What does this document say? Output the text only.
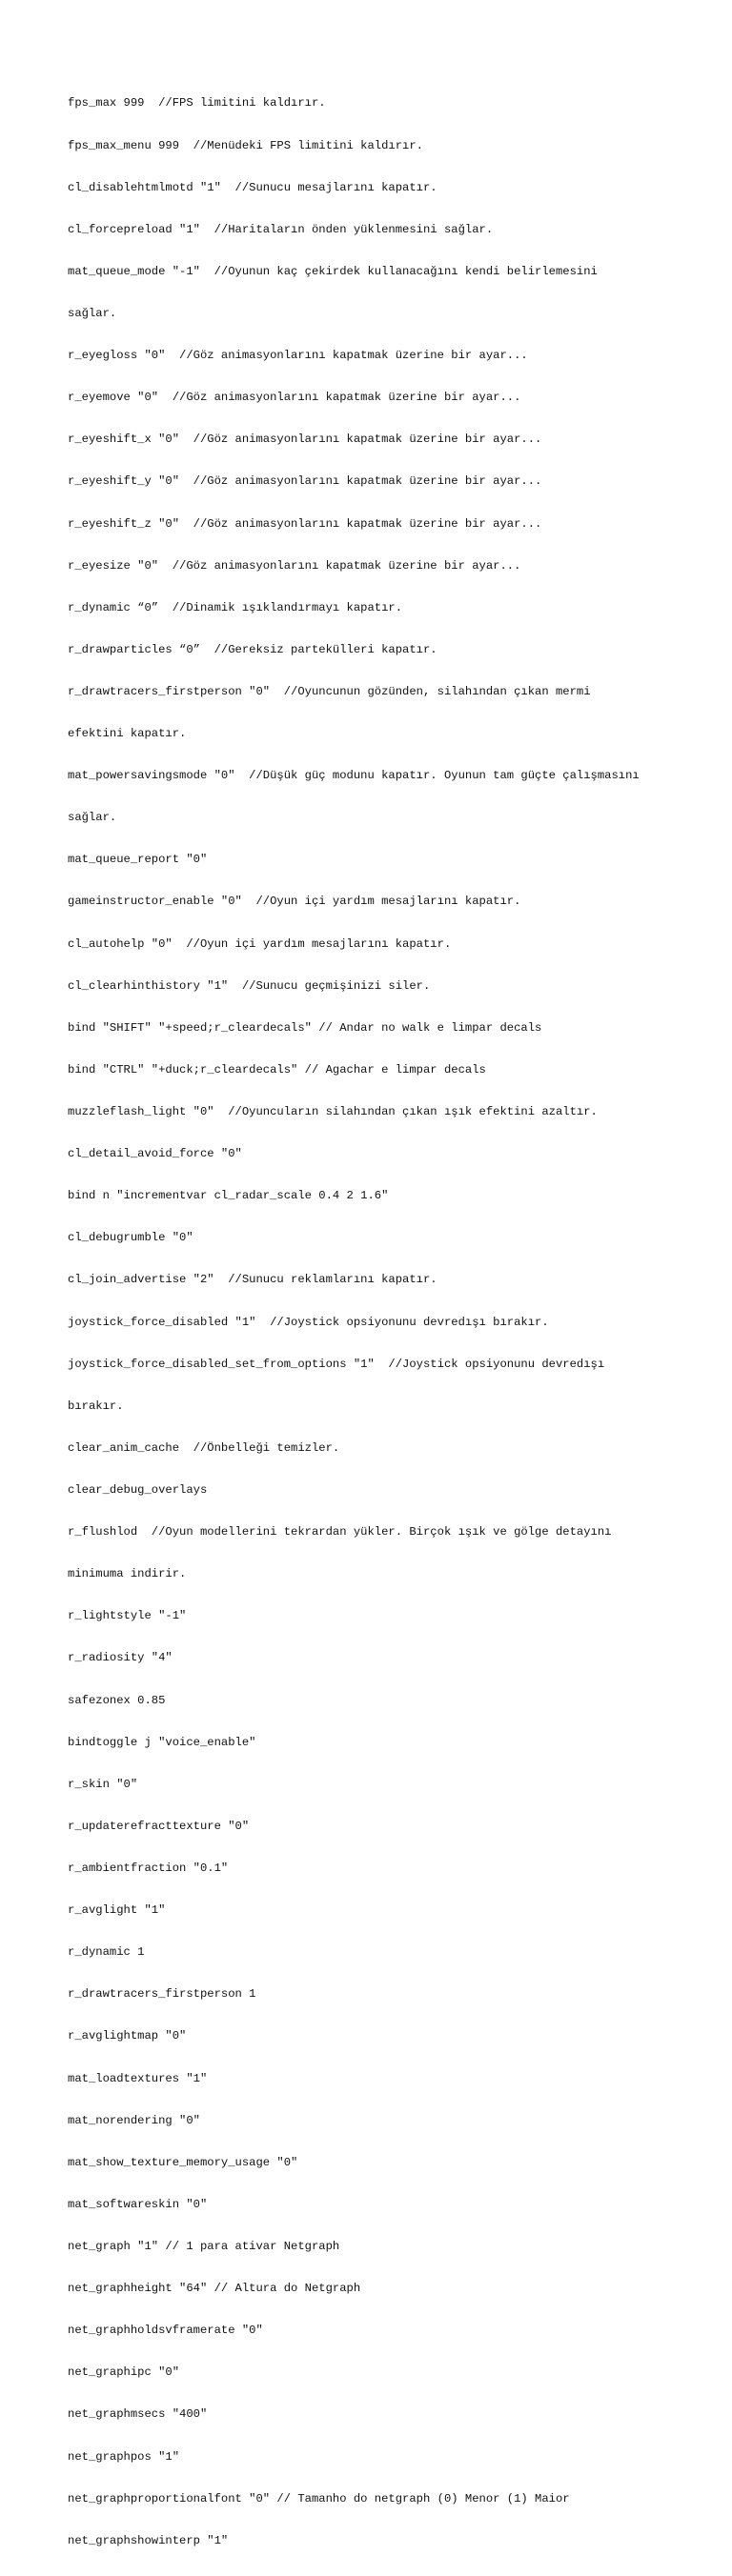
fps_max 999  //FPS limitini kaldırır.

fps_max_menu 999  //Menüdeki FPS limitini kaldırır.

cl_disablehtmlmotd "1"  //Sunucu mesajlarını kapatır.

cl_forcepreload "1"  //Haritaların önden yüklenmesini sağlar.

mat_queue_mode "-1"  //Oyunun kaç çekirdek kullanacağını kendi belirlemesini

sağlar.

r_eyegloss "0"  //Göz animasyonlarını kapatmak üzerine bir ayar...

r_eyemove "0"  //Göz animasyonlarını kapatmak üzerine bir ayar...

r_eyeshift_x "0"  //Göz animasyonlarını kapatmak üzerine bir ayar...

r_eyeshift_y "0"  //Göz animasyonlarını kapatmak üzerine bir ayar...

r_eyeshift_z "0"  //Göz animasyonlarını kapatmak üzerine bir ayar...

r_eyesize "0"  //Göz animasyonlarını kapatmak üzerine bir ayar...

r_dynamic “0”  //Dinamik ışıklandırmayı kapatır.

r_drawparticles “0”  //Gereksiz partekülleri kapatır.

r_drawtracers_firstperson "0"  //Oyuncunun gözünden, silahından çıkan mermi

efektini kapatır.

mat_powersavingsmode "0"  //Düşük güç modunu kapatır. Oyunun tam güçte çalışmasını

sağlar.

mat_queue_report "0"

gameinstructor_enable "0"  //Oyun içi yardım mesajlarını kapatır.

cl_autohelp "0"  //Oyun içi yardım mesajlarını kapatır.

cl_clearhinthistory "1"  //Sunucu geçmişinizi siler.

bind "SHIFT" "+speed;r_cleardecals" // Andar no walk e limpar decals

bind "CTRL" "+duck;r_cleardecals" // Agachar e limpar decals

muzzleflash_light "0"  //Oyuncuların silahından çıkan ışık efektini azaltır.

cl_detail_avoid_force "0"

bind n "incrementvar cl_radar_scale 0.4 2 1.6"

cl_debugrumble "0"

cl_join_advertise "2"  //Sunucu reklamlarını kapatır.

joystick_force_disabled "1"  //Joystick opsiyonunu devredışı bırakır.

joystick_force_disabled_set_from_options "1"  //Joystick opsiyonunu devredışı

bırakır.

clear_anim_cache  //Önbelleği temizler.

clear_debug_overlays

r_flushlod  //Oyun modellerini tekrardan yükler. Birçok ışık ve gölge detayını

minimuma indirir.

r_lightstyle "-1"

r_radiosity "4"

safezonex 0.85

bindtoggle j "voice_enable"

r_skin "0"

r_updaterefracttexture "0"

r_ambientfraction "0.1"

r_avglight "1"

r_dynamic 1

r_drawtracers_firstperson 1

r_avglightmap "0"

mat_loadtextures "1"

mat_norendering "0"

mat_show_texture_memory_usage "0"

mat_softwareskin "0"

net_graph "1" // 1 para ativar Netgraph

net_graphheight "64" // Altura do Netgraph

net_graphholdsvframerate "0"

net_graphipc "0"

net_graphmsecs "400"

net_graphpos "1"

net_graphproportionalfont "0" // Tamanho do netgraph (0) Menor (1) Maior

net_graphshowinterp "1"
